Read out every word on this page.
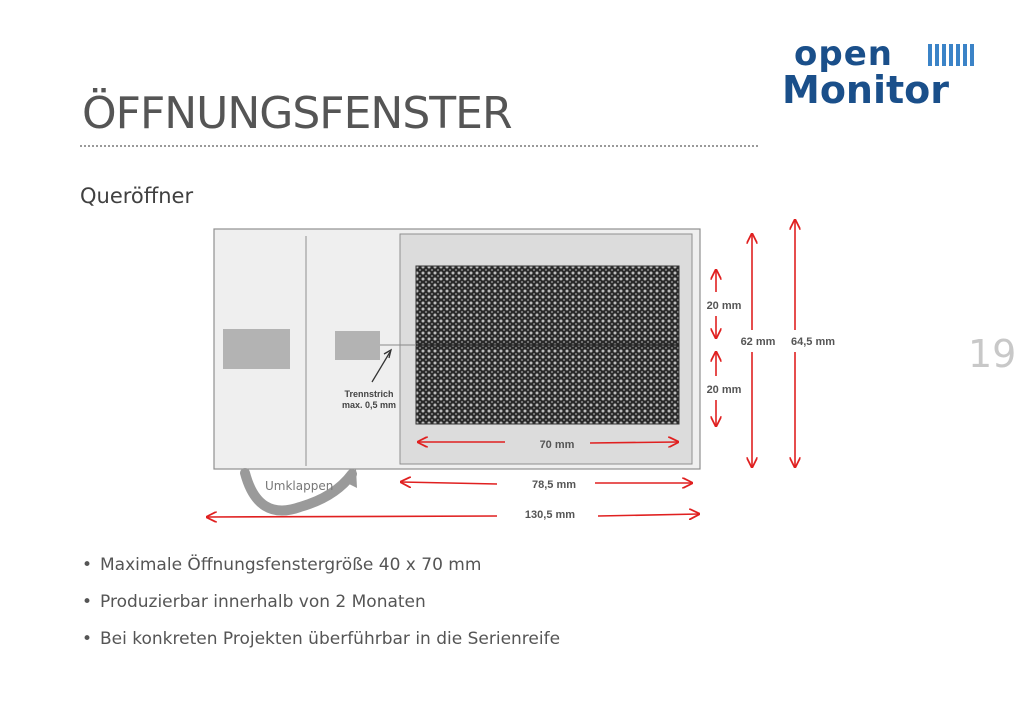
ÖFFNUNGSFENSTER
Queröffner
open
Monitor
19
Trennstrich
max. 0,5 mm
Umklappen
20 mm
20 mm
62 mm 64,5 mm
70 mm
78,5 mm
130,5 mm
• Maximale Öffnungsfenstergröße 40 x 70 mm
• Produzierbar innerhalb von 2 Monaten
• Bei konkreten Projekten überführbar in die Serienreife
